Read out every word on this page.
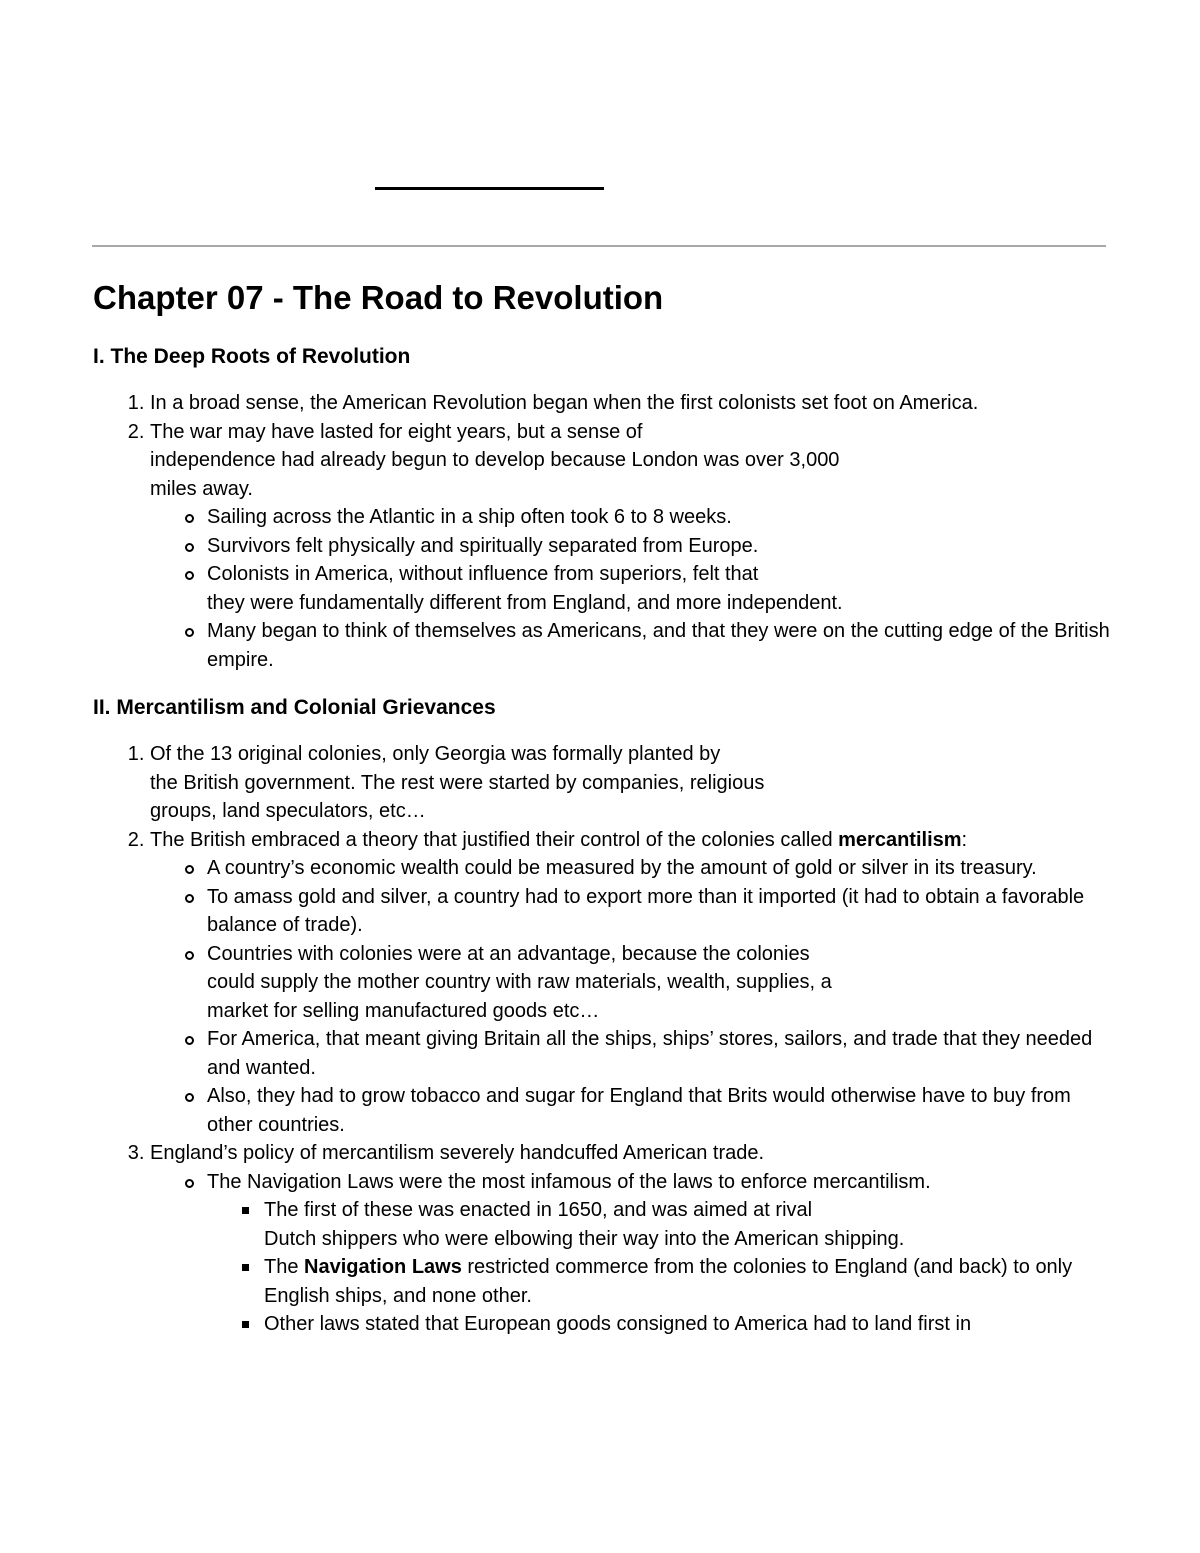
Chapter 07 - The Road to Revolution
I. The Deep Roots of Revolution
1. In a broad sense, the American Revolution began when the first colonists set foot on America.
2. The war may have lasted for eight years, but a sense of
independence had already begun to develop because London was over 3,000
miles away.
Sailing across the Atlantic in a ship often took 6 to 8 weeks.
Survivors felt physically and spiritually separated from Europe.
Colonists in America, without influence from superiors, felt that
they were fundamentally different from England, and more independent.
Many began to think of themselves as Americans, and that they were on the cutting edge of the British empire.
II. Mercantilism and Colonial Grievances
1. Of the 13 original colonies, only Georgia was formally planted by
the British government. The rest were started by companies, religious
groups, land speculators, etc…
2. The British embraced a theory that justified their control of the colonies called mercantilism:
A country’s economic wealth could be measured by the amount of gold or silver in its treasury.
To amass gold and silver, a country had to export more than it imported (it had to obtain a favorable balance of trade).
Countries with colonies were at an advantage, because the colonies
could supply the mother country with raw materials, wealth, supplies, a
market for selling manufactured goods etc…
For America, that meant giving Britain all the ships, ships’ stores, sailors, and trade that they needed and wanted.
Also, they had to grow tobacco and sugar for England that Brits would otherwise have to buy from other countries.
3. England’s policy of mercantilism severely handcuffed American trade.
The Navigation Laws were the most infamous of the laws to enforce mercantilism.
The first of these was enacted in 1650, and was aimed at rival
Dutch shippers who were elbowing their way into the American shipping.
The Navigation Laws restricted commerce from the colonies to England (and back) to only English ships, and none other.
Other laws stated that European goods consigned to America had to land first in
